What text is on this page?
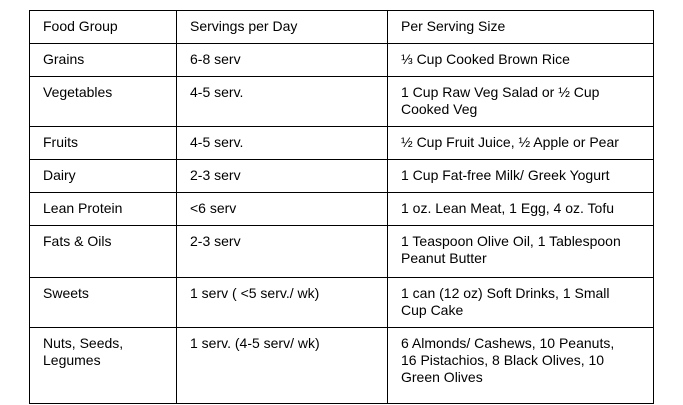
Food Group	Servings per Day	Per Serving Size
Grains	6-8 serv	⅓ Cup Cooked Brown Rice
Vegetables	4-5 serv.	1 Cup Raw Veg Salad or ½ Cup Cooked Veg
Fruits	4-5 serv.	½ Cup Fruit Juice, ½ Apple or Pear
Dairy	2-3 serv	1 Cup Fat-free Milk/ Greek Yogurt
Lean Protein	<6 serv	1 oz. Lean Meat, 1 Egg, 4 oz. Tofu
Fats & Oils	2-3 serv	1 Teaspoon Olive Oil, 1 Tablespoon Peanut Butter
Sweets	1 serv ( <5 serv./ wk)	1 can (12 oz) Soft Drinks, 1 Small Cup Cake
Nuts, Seeds, Legumes	1 serv. (4-5 serv/ wk)	6 Almonds/ Cashews, 10 Peanuts, 16 Pistachios, 8 Black Olives, 10 Green Olives
